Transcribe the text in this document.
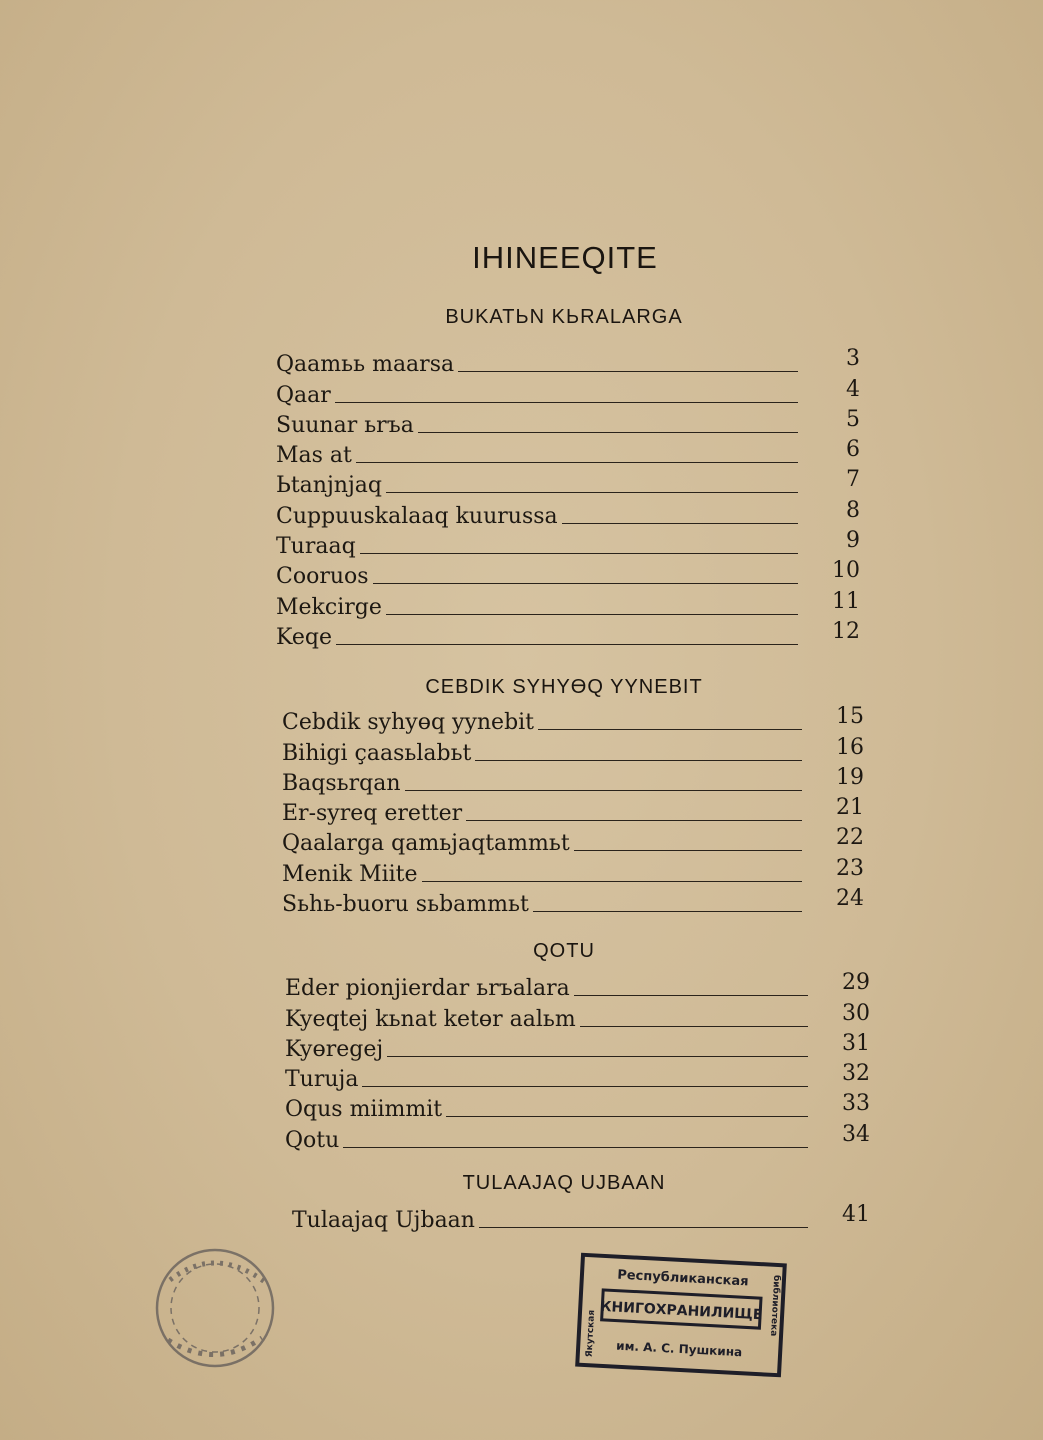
IHINEEQITE
BUKATЬN KЬRALARGA
Qaamьь maarsa	3
Qaar	4
Suunar ьrъa	5
Mas at	6
Ьtanjnjaq	7
Cuppuuskalaaq kuurussa	8
Turaaq	9
Cooruos	10
Mekcirge	11
Keqe	12
CEBDIK SYHYӨQ YYNEBIT
Cebdik syhyөq yynebit	15
Bihigi çaasьlabьt	16
Baqsьrqan	19
Er-syreq eretter	21
Qaalarga qamьjaqtammьt	22
Menik Miite	23
Sьhь-buoru sьbammьt	24
QOTU
Eder pionjierdar ьrъalara	29
Kyeqtej kьnat ketөr aalьm	30
Kyөregej	31
Turuja	32
Oqus miimmit	33
Qotu	34
TULAAJAQ UJBAAN
Tulaajaq Ujbaan	41
Республиканская
КНИГОХРАНИЛИЩЕ
им. А. С. Пушкина
Якутская	библиотека
